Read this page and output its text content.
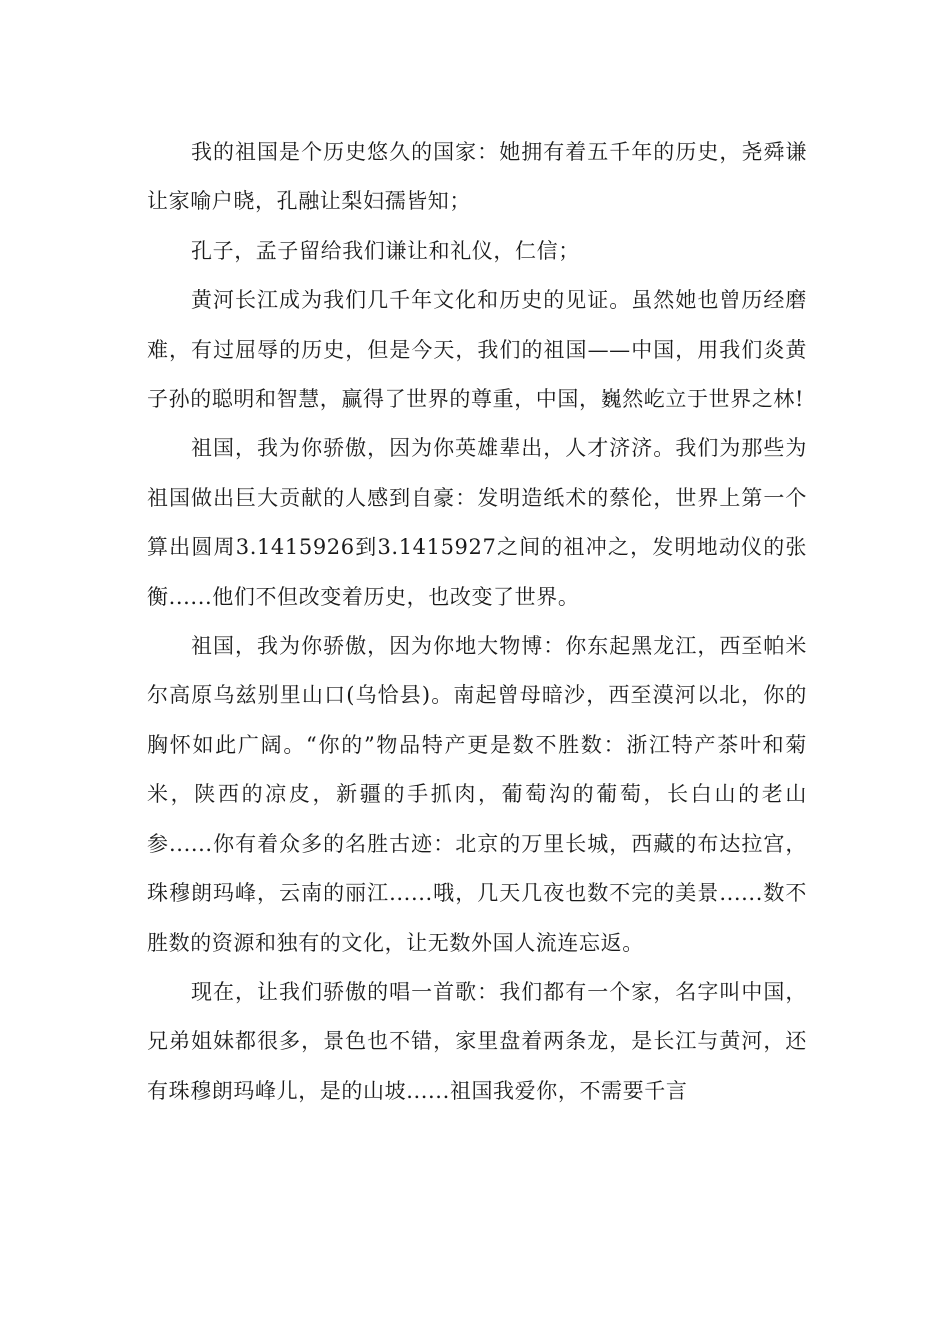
我的祖国是个历史悠久的国家：她拥有着五千年的历史，尧舜谦让家喻户晓，孔融让梨妇孺皆知；

孔子，孟子留给我们谦让和礼仪，仁信；

黄河长江成为我们几千年文化和历史的见证。虽然她也曾历经磨难，有过屈辱的历史，但是今天，我们的祖国——中国，用我们炎黄子孙的聪明和智慧，赢得了世界的尊重，中国，巍然屹立于世界之林!

祖国，我为你骄傲，因为你英雄辈出，人才济济。我们为那些为祖国做出巨大贡献的人感到自豪：发明造纸术的蔡伦，世界上第一个算出圆周3.1415926到3.1415927之间的祖冲之，发明地动仪的张衡......他们不但改变着历史，也改变了世界。

祖国，我为你骄傲，因为你地大物博：你东起黑龙江，西至帕米尔高原乌兹别里山口(乌恰县)。南起曾母暗沙，西至漠河以北，你的胸怀如此广阔。“你的”物品特产更是数不胜数：浙江特产茶叶和菊米，陕西的凉皮，新疆的手抓肉，葡萄沟的葡萄，长白山的老山参......你有着众多的名胜古迹：北京的万里长城，西藏的布达拉宫，珠穆朗玛峰，云南的丽江......哦，几天几夜也数不完的美景......数不胜数的资源和独有的文化，让无数外国人流连忘返。

现在，让我们骄傲的唱一首歌：我们都有一个家，名字叫中国，兄弟姐妹都很多，景色也不错，家里盘着两条龙，是长江与黄河，还有珠穆朗玛峰儿，是的山坡......祖国我爱你，不需要千言
